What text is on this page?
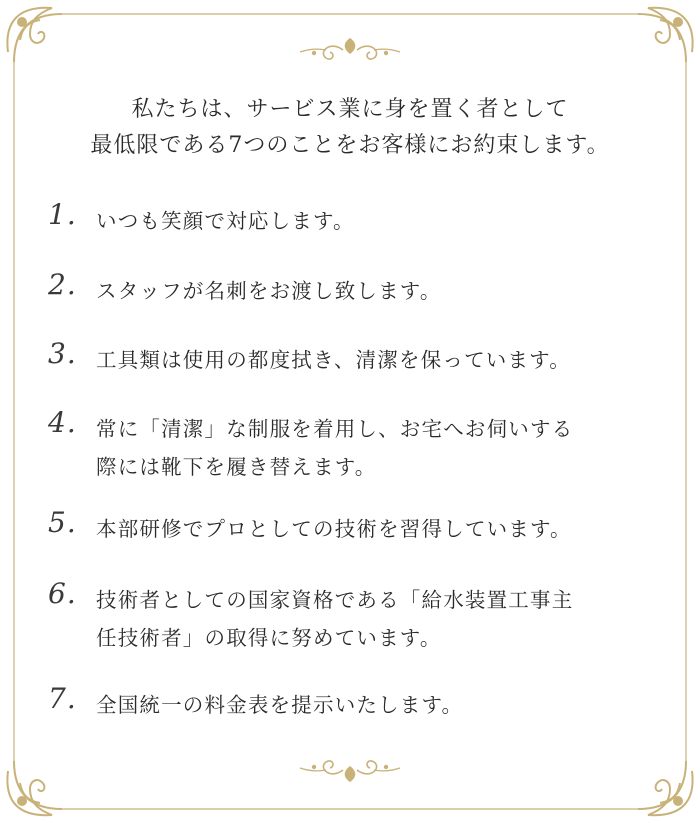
私たちは、サービス業に身を置く者として
最低限である7つのことをお客様にお約束します。
1. いつも笑顔で対応します。
2. スタッフが名刺をお渡し致します。
3. 工具類は使用の都度拭き、清潔を保っています。
4. 常に「清潔」な制服を着用し、お宅へお伺いする
際には靴下を履き替えます。
5. 本部研修でプロとしての技術を習得しています。
6. 技術者としての国家資格である「給水装置工事主
任技術者」の取得に努めています。
7. 全国統一の料金表を提示いたします。
